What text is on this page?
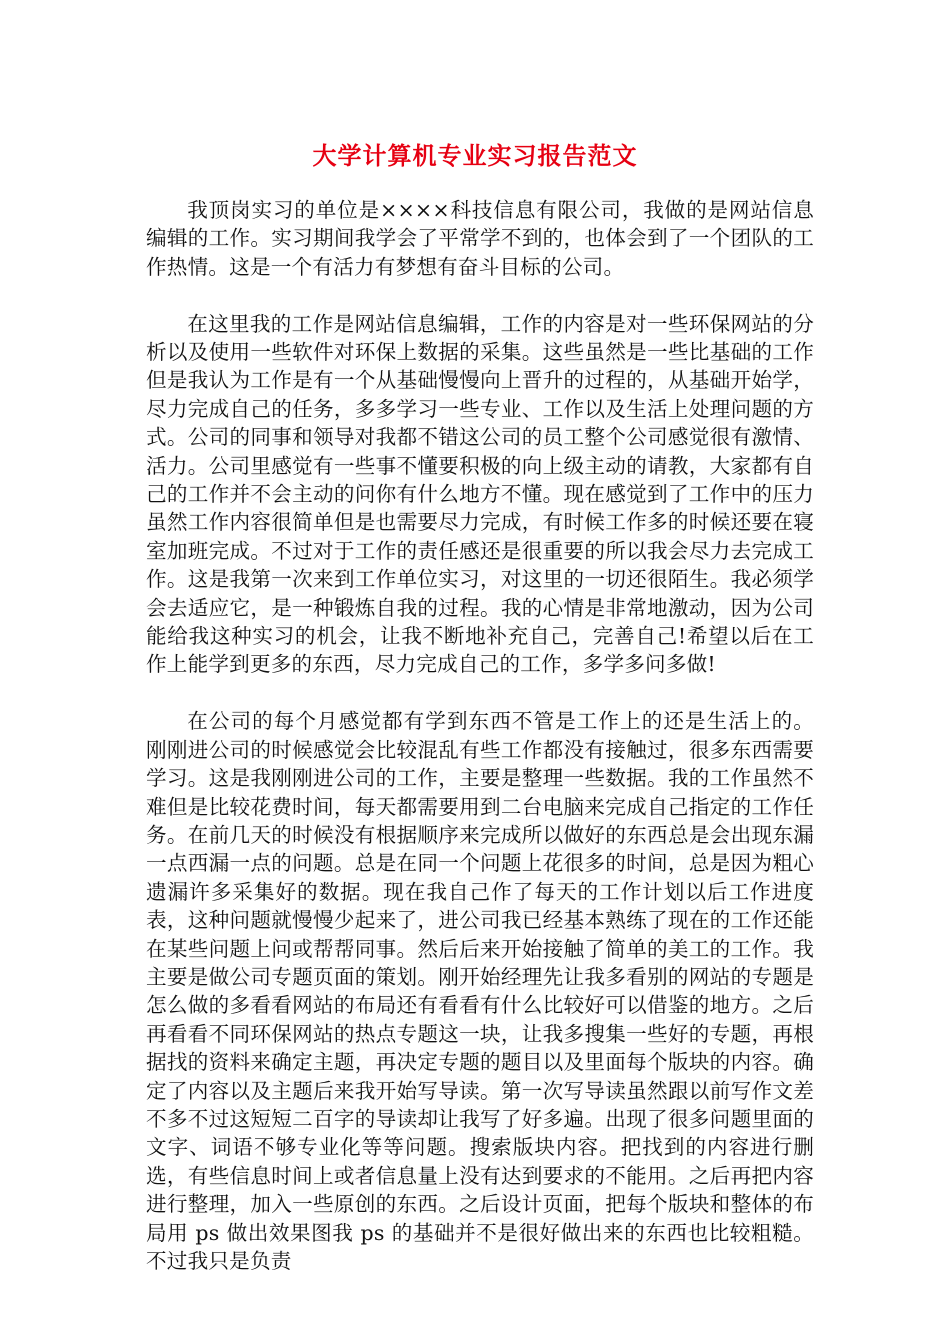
大学计算机专业实习报告范文

我顶岗实习的单位是××××科技信息有限公司，我做的是网站信息编辑的工作。实习期间我学会了平常学不到的，也体会到了一个团队的工作热情。这是一个有活力有梦想有奋斗目标的公司。

在这里我的工作是网站信息编辑，工作的内容是对一些环保网站的分析以及使用一些软件对环保上数据的采集。这些虽然是一些比基础的工作但是我认为工作是有一个从基础慢慢向上晋升的过程的，从基础开始学，尽力完成自己的任务，多多学习一些专业、工作以及生活上处理问题的方式。公司的同事和领导对我都不错这公司的员工整个公司感觉很有激情、活力。公司里感觉有一些事不懂要积极的向上级主动的请教，大家都有自己的工作并不会主动的问你有什么地方不懂。现在感觉到了工作中的压力虽然工作内容很简单但是也需要尽力完成，有时候工作多的时候还要在寝室加班完成。不过对于工作的责任感还是很重要的所以我会尽力去完成工作。这是我第一次来到工作单位实习，对这里的一切还很陌生。我必须学会去适应它，是一种锻炼自我的过程。我的心情是非常地激动，因为公司能给我这种实习的机会，让我不断地补充自己，完善自己!希望以后在工作上能学到更多的东西，尽力完成自己的工作，多学多问多做!

在公司的每个月感觉都有学到东西不管是工作上的还是生活上的。 刚刚进公司的时候感觉会比较混乱有些工作都没有接触过，很多东西需要学习。这是我刚刚进公司的工作，主要是整理一些数据。我的工作虽然不难但是比较花费时间，每天都需要用到二台电脑来完成自己指定的工作任务。在前几天的时候没有根据顺序来完成所以做好的东西总是会出现东漏一点西漏一点的问题。总是在同一个问题上花很多的时间，总是因为粗心遗漏许多采集好的数据。现在我自己作了每天的工作计划以后工作进度表，这种问题就慢慢少起来了，进公司我已经基本熟练了现在的工作还能在某些问题上问或帮帮同事。然后后来开始接触了简单的美工的工作。我主要是做公司专题页面的策划。刚开始经理先让我多看别的网站的专题是怎么做的多看看网站的布局还有看看有什么比较好可以借鉴的地方。之后再看看不同环保网站的热点专题这一块，让我多搜集一些好的专题，再根据找的资料来确定主题，再决定专题的题目以及里面每个版块的内容。确定了内容以及主题后来我开始写导读。第一次写导读虽然跟以前写作文差不多不过这短短二百字的导读却让我写了好多遍。出现了很多问题里面的文字、词语不够专业化等等问题。搜索版块内容。把找到的内容进行删选，有些信息时间上或者信息量上没有达到要求的不能用。之后再把内容进行整理，加入一些原创的东西。之后设计页面，把每个版块和整体的布局用 ps 做出效果图我 ps 的基础并不是很好做出来的东西也比较粗糙。不过我只是负责
